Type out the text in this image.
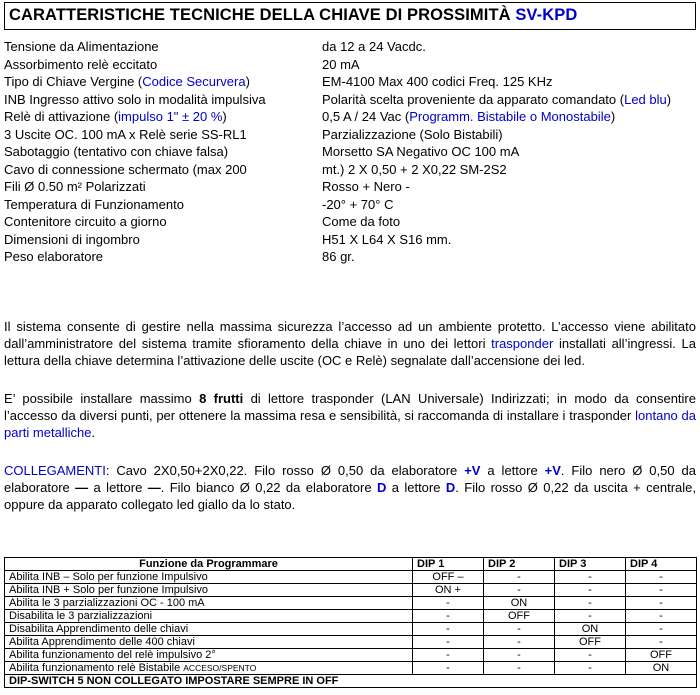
CARATTERISTICHE TECNICHE DELLA CHIAVE DI PROSSIMITÀ SV-KPD
Tensione da Alimentazione	da 12 a 24 Vacdc.
Assorbimento relè eccitato	20 mA
Tipo di Chiave Vergine (Codice Securvera)	EM-4100 Max 400 codici Freq. 125 KHz
INB Ingresso attivo solo in modalità impulsiva	Polarità scelta proveniente da apparato comandato (Led blu)
Relè di attivazione (impulso 1" ± 20 %)	0,5 A / 24 Vac (Programm. Bistabile o Monostabile)
3 Uscite OC. 100 mA x Relè serie SS-RL1	Parzializzazione (Solo Bistabili)
Sabotaggio (tentativo con chiave falsa)	Morsetto SA Negativo OC 100 mA
Cavo di connessione schermato (max 200	mt.) 2 X 0,50 + 2 X0,22 SM-2S2
Fili Ø 0.50 m² Polarizzati	Rosso + Nero -
Temperatura di Funzionamento	-20° + 70° C
Contenitore circuito a giorno	Come da foto
Dimensioni di ingombro	H51 X L64 X S16 mm.
Peso elaboratore	86 gr.

Il sistema consente di gestire nella massima sicurezza l’accesso ad un ambiente protetto. L’accesso viene abilitato dall’amministratore del sistema tramite sfioramento della chiave in uno dei lettori trasponder installati all’ingressi. La lettura della chiave determina l’attivazione delle uscite (OC e Relè) segnalate dall’accensione dei led.

E’ possibile installare massimo 8 frutti di lettore trasponder (LAN Universale) Indirizzati; in modo da consentire l’accesso da diversi punti, per ottenere la massima resa e sensibilità, si raccomanda di installare i trasponder lontano da parti metalliche.

COLLEGAMENTI: Cavo 2X0,50+2X0,22. Filo rosso Ø 0,50 da elaboratore +V a lettore +V. Filo nero Ø 0,50 da elaboratore — a lettore —. Filo bianco Ø 0,22 da elaboratore D a lettore D. Filo rosso Ø 0,22 da uscita + centrale, oppure da apparato collegato led giallo da lo stato.

Funzione da Programmare	DIP 1	DIP 2	DIP 3	DIP 4
Abilita INB – Solo per funzione Impulsivo	OFF –	-	-	-
Abilita INB + Solo per funzione Impulsivo	ON +	-	-	-
Abilita le 3 parzializzazioni OC - 100 mA	-	ON	-	-
Disabilita le 3 parzializzazioni	-	OFF	-	-
Disabilita Apprendimento delle chiavi	-	-	ON	-
Abilita Apprendimento delle 400 chiavi	-	-	OFF	-
Abilita funzionamento del relè impulsivo 2°	-	-	-	OFF
Abilita funzionamento relè Bistabile ACCESO/SPENTO	-	-	-	ON
DIP-SWITCH 5 NON COLLEGATO IMPOSTARE SEMPRE IN OFF				
